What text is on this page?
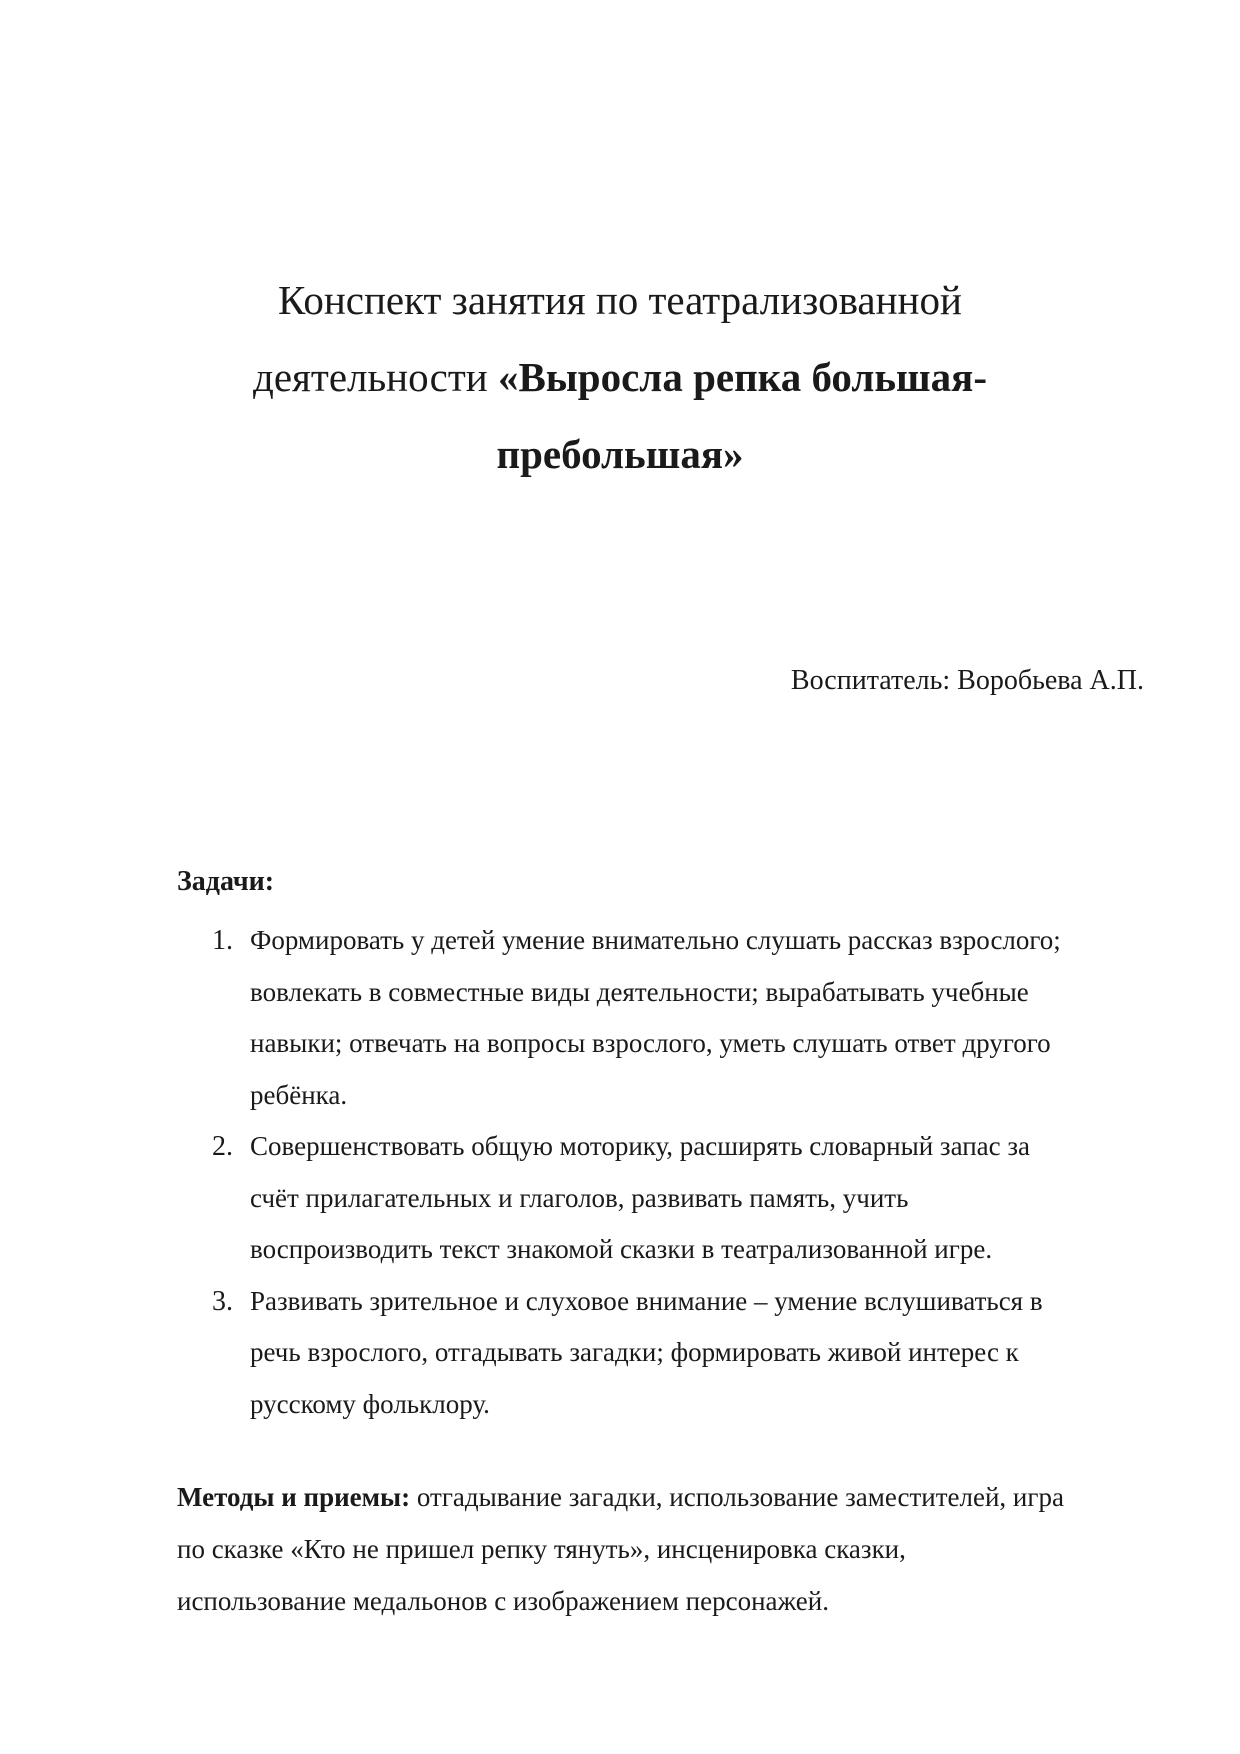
Конспект занятия по театрализованной
деятельности «Выросла репка большая-
пребольшая»
Воспитатель: Воробьева А.П.
Задачи:
1. Формировать у детей умение внимательно слушать рассказ взрослого;
вовлекать в совместные виды деятельности; вырабатывать учебные
навыки; отвечать на вопросы взрослого, уметь слушать ответ другого
ребёнка.
2. Совершенствовать общую моторику, расширять словарный запас за
счёт прилагательных и глаголов, развивать память, учить
воспроизводить текст знакомой сказки в театрализованной игре.
3. Развивать зрительное и слуховое внимание – умение вслушиваться в
речь взрослого, отгадывать загадки; формировать живой интерес к
русскому фольклору.
Методы и приемы: отгадывание загадки, использование заместителей, игра
по сказке «Кто не пришел репку тянуть», инсценировка сказки,
использование медальонов с изображением персонажей.
